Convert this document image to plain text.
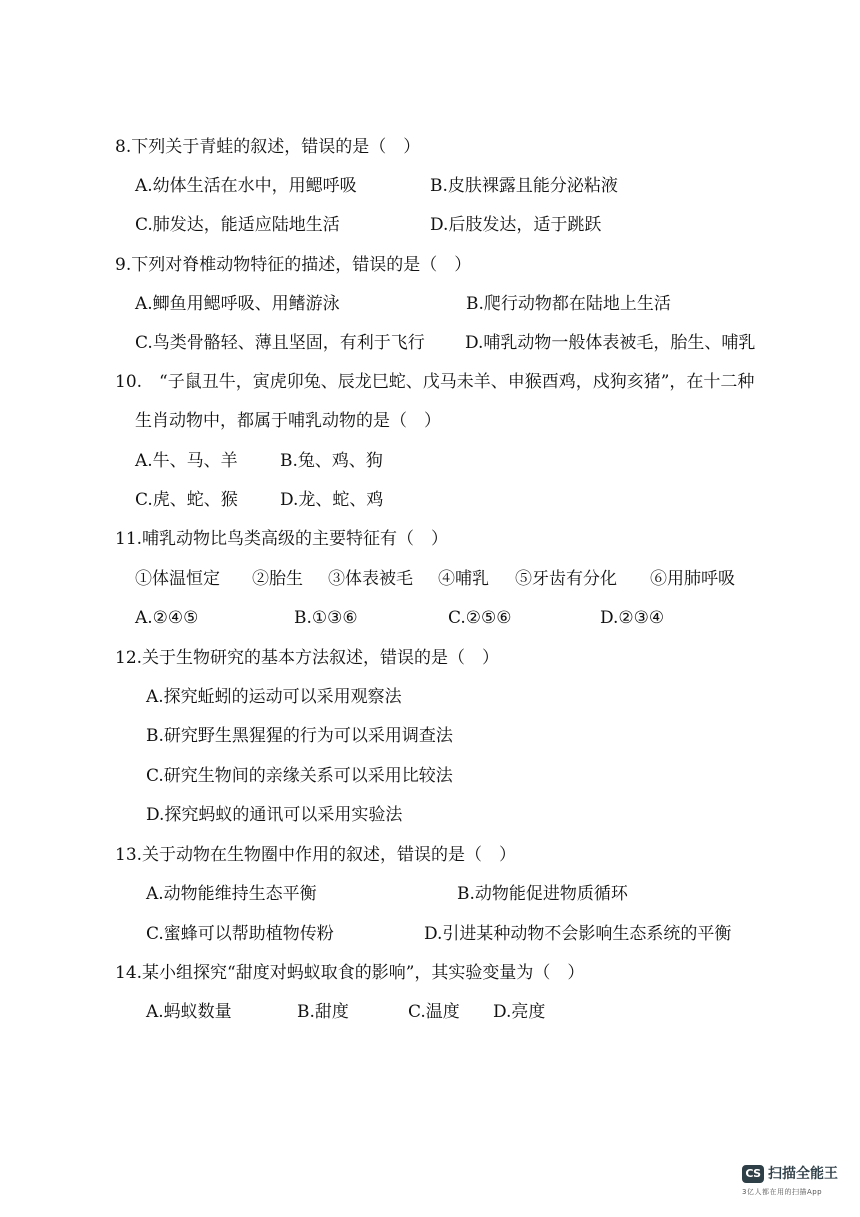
8.下列关于青蛙的叙述，错误的是（　）
A.幼体生活在水中，用鳃呼吸	B.皮肤裸露且能分泌粘液
C.肺发达，能适应陆地生活	D.后肢发达，适于跳跃
9.下列对脊椎动物特征的描述，错误的是（　）
A.鲫鱼用鳃呼吸、用鳍游泳	B.爬行动物都在陆地上生活
C.鸟类骨骼轻、薄且坚固，有利于飞行 D.哺乳动物一般体表被毛，胎生、哺乳
10.　“子鼠丑牛，寅虎卯兔、辰龙巳蛇、戊马未羊、申猴酉鸡，戍狗亥猪”，在十二种
生肖动物中，都属于哺乳动物的是（　）
A.牛、马、羊 B.兔、鸡、狗
C.虎、蛇、猴 D.龙、蛇、鸡
11.哺乳动物比鸟类高级的主要特征有（　）
①体温恒定 ②胎生 ③体表被毛 ④哺乳 ⑤牙齿有分化 ⑥用肺呼吸
A.②④⑤	B.①③⑥	C.②⑤⑥	D.②③④
12.关于生物研究的基本方法叙述，错误的是（　）
A.探究蚯蚓的运动可以采用观察法
B.研究野生黑猩猩的行为可以采用调查法
C.研究生物间的亲缘关系可以采用比较法
D.探究蚂蚁的通讯可以采用实验法
13.关于动物在生物圈中作用的叙述，错误的是（　）
A.动物能维持生态平衡	B.动物能促进物质循环
C.蜜蜂可以帮助植物传粉	D.引进某种动物不会影响生态系统的平衡
14.某小组探究“甜度对蚂蚁取食的影响”，其实验变量为（　）
A.蚂蚁数量	B.甜度	C.温度 D.亮度
CS 扫描全能王
3亿人都在用的扫描App
